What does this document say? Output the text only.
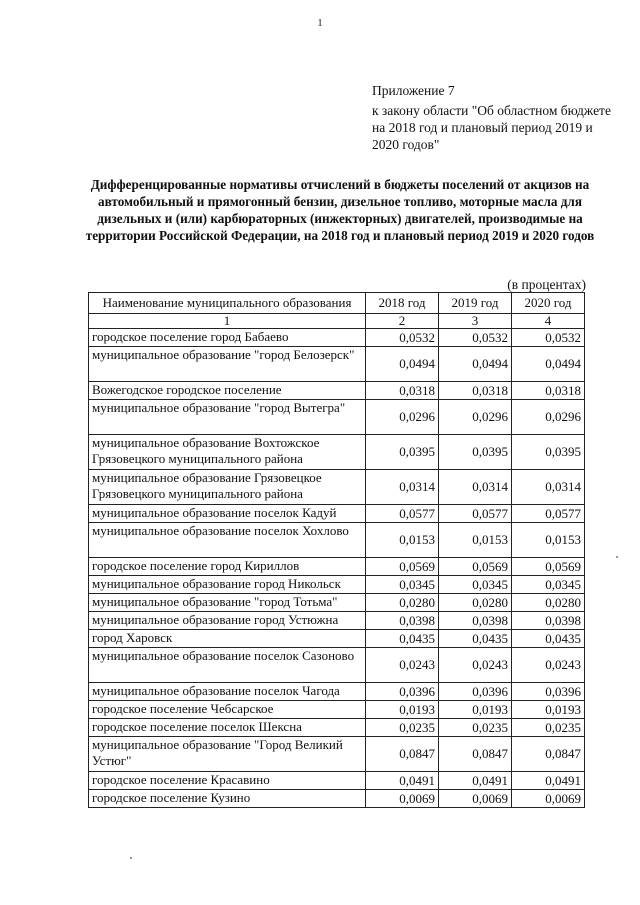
1
Приложение 7
к закону области "Об областном бюджете на 2018 год и плановый период 2019 и 2020 годов"
Дифференцированные нормативы отчислений в бюджеты поселений от акцизов на автомобильный и прямогонный бензин, дизельное топливо, моторные масла для дизельных и (или) карбюраторных (инжекторных) двигателей, производимые на территории Российской Федерации, на 2018 год и плановый период 2019 и 2020 годов
(в процентах)
Наименование муниципального образования	2018 год	2019 год	2020 год
1	2	3	4
городское поселение город Бабаево	0,0532	0,0532	0,0532
муниципальное образование "город Белозерск"	0,0494	0,0494	0,0494
Вожегодское городское поселение	0,0318	0,0318	0,0318
муниципальное образование "город Вытегра"	0,0296	0,0296	0,0296
муниципальное образование Вохтожское Грязовецкого муниципального района	0,0395	0,0395	0,0395
муниципальное образование Грязовецкое Грязовецкого муниципального района	0,0314	0,0314	0,0314
муниципальное образование поселок Кадуй	0,0577	0,0577	0,0577
муниципальное образование поселок Хохлово	0,0153	0,0153	0,0153
городское поселение город Кириллов	0,0569	0,0569	0,0569
муниципальное образование город Никольск	0,0345	0,0345	0,0345
муниципальное образование "город Тотьма"	0,0280	0,0280	0,0280
муниципальное образование город Устюжна	0,0398	0,0398	0,0398
город Харовск	0,0435	0,0435	0,0435
муниципальное образование поселок Сазоново	0,0243	0,0243	0,0243
муниципальное образование поселок Чагода	0,0396	0,0396	0,0396
городское поселение Чебсарское	0,0193	0,0193	0,0193
городское поселение поселок Шексна	0,0235	0,0235	0,0235
муниципальное образование "Город Великий Устюг"	0,0847	0,0847	0,0847
городское поселение Красавино	0,0491	0,0491	0,0491
городское поселение Кузино	0,0069	0,0069	0,0069
